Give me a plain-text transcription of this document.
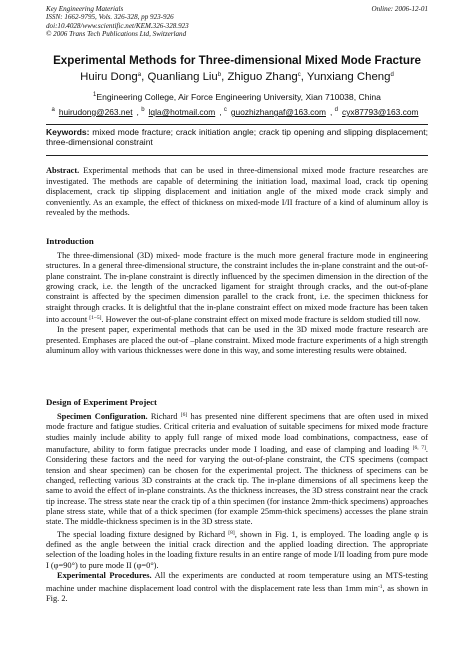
Key Engineering Materials
ISSN: 1662-9795, Vols. 326-328, pp 923-926
doi:10.4028/www.scientific.net/KEM.326-328.923
© 2006 Trans Tech Publications Ltd, Switzerland
Online: 2006-12-01
Experimental Methods for Three-dimensional Mixed Mode Fracture
Huiru Dong$^a$, Quanliang Liu$^b$, Zhiguo Zhang$^c$, Yunxiang Cheng$^d$
$^1$Engineering College, Air Force Engineering University, Xian 710038, China
$^a$ huirudong@263.net , $^b$ lqla@hotmail.com , $^c$ guozhizhangaf@163.com , $^d$ cyx87793@163.com
Keywords: mixed mode fracture; crack initiation angle; crack tip opening and slipping displacement; three-dimensional constraint
Abstract. Experimental methods that can be used in three-dimensional mixed mode fracture researches are investigated. The methods are capable of determining the initiation load, maximal load, crack tip opening displacement, crack tip slipping displacement and initiation angle of the mixed mode crack simply and conveniently. As an example, the effect of thickness on mixed-mode I/II fracture of a kind of aluminum alloy is revealed by the methods.
Introduction

The three-dimensional (3D) mixed- mode fracture is the much more general fracture mode in engineering structures. In a general three-dimensional structure, the constraint includes the in-plane constraint and the out-of-plane constraint. The in-plane constraint is directly influenced by the specimen dimension in the direction of the growing crack, i.e. the length of the uncracked ligament for straight through cracks, and the out-of-plane constraint is affected by the specimen dimension parallel to the crack front, i.e. the specimen thickness for straight through cracks. It is delightful that the in-plane constraint effect on mixed mode fracture has been taken into account [1~5]. However the out-of-plane constraint effect on mixed mode fracture is seldom studied till now.

In the present paper, experimental methods that can be used in the 3D mixed mode fracture research are presented. Emphases are placed the out-of –plane constraint. Mixed mode fracture experiments of a high strength aluminum alloy with various thicknesses were done in this way, and some interesting results were obtained.

Design of Experiment Project

Specimen Configuration. Richard [6] has presented nine different specimens that are often used in mixed mode fracture and fatigue studies. Critical criteria and evaluation of suitable specimens for mixed mode fracture studies mainly include ability to apply full range of mixed mode load combinations, compactness, ease of manufacture, ability to form fatigue precracks under mode I loading, and ease of clamping and loading [6, 7]. Considering these factors and the need for varying the out-of-plane constraint, the CTS specimens (compact tension and shear specimen) can be chosen for the experimental project. The thickness of specimens can be changed, reflecting various 3D constraints at the crack tip. The in-plane dimensions of all specimens keep the same to avoid the effect of in-plane constraints. As the thickness increases, the 3D stress constraint near the crack tip increase. The stress state near the crack tip of a thin specimen (for instance 2mm-thick specimens) approaches plane stress state, while that of a thick specimen (for example 25mm-thick specimens) accesses the plane strain state. The middle-thickness specimen is in the 3D stress state.

The special loading fixture designed by Richard [8], shown in Fig. 1, is employed. The loading angle φ is defined as the angle between the initial crack direction and the applied loading direction. The appropriate selection of the loading holes in the loading fixture results in an entire range of mode I/II loading from pure mode I (φ=90°) to pure mode II (φ=0°).

Experimental Procedures. All the experiments are conducted at room temperature using an MTS-testing machine under machine displacement load control with the displacement rate less than 1mm $\min^{-1}$, as shown in Fig. 2.
